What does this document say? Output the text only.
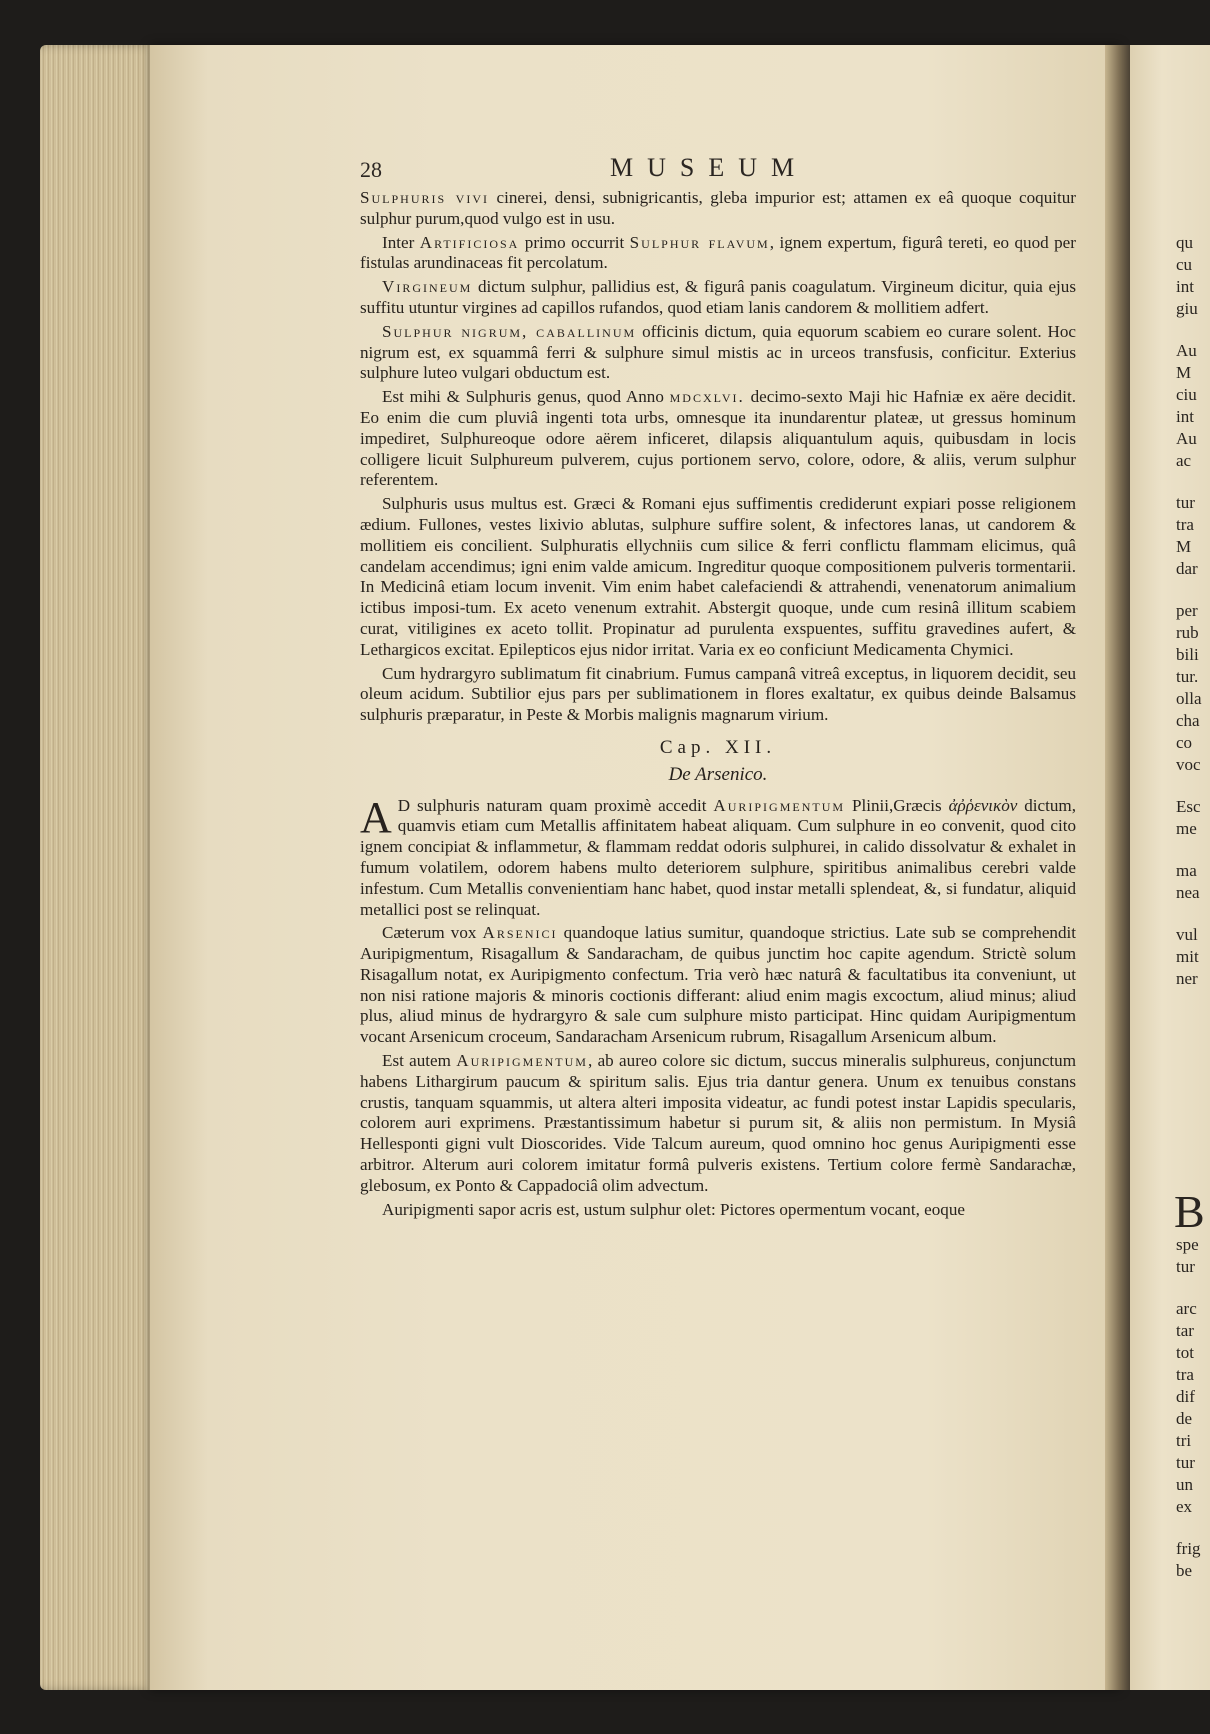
qu
cu
int
giu
Au
M
ciu
int
Au
ac
tur
tra
M
dar
per
rub
bili
tur.
olla
cha
co
voc
Esc
me
ma
nea
vul
mit
ner
spe
tur
arc
tar
tot
tra
dif
de
tri
tur
un
ex
frig
be
B
28	MUSEUM

Sulphuris vivi cinerei, densi, subnigricantis, gleba impurior est; attamen ex eâ quoque coquitur sulphur purum,quod vulgo est in usu.

Inter Artificiosa primo occurrit Sulphur flavum, ignem expertum, figurâ tereti, eo quod per fistulas arundinaceas fit percolatum.

Virgineum dictum sulphur, pallidius est, & figurâ panis coagulatum. Virgineum dicitur, quia ejus suffitu utuntur virgines ad capillos rufandos, quod etiam lanis candorem & mollitiem adfert.

Sulphur nigrum, caballinum officinis dictum, quia equorum scabiem eo curare solent. Hoc nigrum est, ex squammâ ferri & sulphure simul mistis ac in urceos transfusis, conficitur. Exterius sulphure luteo vulgari obductum est.

Est mihi & Sulphuris genus, quod Anno mdcxlvi. decimo-sexto Maji hic Hafniæ ex aëre decidit. Eo enim die cum pluviâ ingenti tota urbs, omnesque ita inundarentur plateæ, ut gressus hominum impediret, Sulphureoque odore aërem inficeret, dilapsis aliquantulum aquis, quibusdam in locis colligere licuit Sulphureum pulverem, cujus portionem servo, colore, odore, & aliis, verum sulphur referentem.

Sulphuris usus multus est. Græci & Romani ejus suffimentis crediderunt expiari posse religionem ædium. Fullones, vestes lixivio ablutas, sulphure suffire solent, & infectores lanas, ut candorem & mollitiem eis concilient. Sulphuratis ellychniis cum silice & ferri conflictu flammam elicimus, quâ candelam accendimus; igni enim valde amicum. Ingreditur quoque compositionem pulveris tormentarii. In Medicinâ etiam locum invenit. Vim enim habet calefaciendi & attrahendi, venenatorum animalium ictibus imposi-tum. Ex aceto venenum extrahit. Abstergit quoque, unde cum resinâ illitum scabiem curat, vitiligines ex aceto tollit. Propinatur ad purulenta exspuentes, suffitu gravedines aufert, & Lethargicos excitat. Epilepticos ejus nidor irritat. Varia ex eo conficiunt Medicamenta Chymici.

Cum hydrargyro sublimatum fit cinabrium. Fumus campanâ vitreâ exceptus, in liquorem decidit, seu oleum acidum. Subtilior ejus pars per sublimationem in flores exaltatur, ex quibus deinde Balsamus sulphuris præparatur, in Peste & Morbis malignis magnarum virium.

Cap. XII.
De Arsenico.

A D sulphuris naturam quam proximè accedit Auripigmentum Plinii,Græcis ἀῤῥενικὸν dictum, quamvis etiam cum Metallis affinitatem habeat aliquam. Cum sulphure in eo convenit, quod cito ignem concipiat & inflammetur, & flammam reddat odoris sulphurei, in calido dissolvatur & exhalet in fumum volatilem, odorem habens multo deteriorem sulphure, spiritibus animalibus cerebri valde infestum. Cum Metallis convenientiam hanc habet, quod instar metalli splendeat, &, si fundatur, aliquid metallici post se relinquat.

Cæterum vox Arsenici quandoque latius sumitur, quandoque strictius. Late sub se comprehendit Auripigmentum, Risagallum & Sandaracham, de quibus junctim hoc capite agendum. Strictè solum Risagallum notat, ex Auripigmento confectum. Tria verò hæc naturâ & facultatibus ita conveniunt, ut non nisi ratione majoris & minoris coctionis differant: aliud enim magis excoctum, aliud minus; aliud plus, aliud minus de hydrargyro & sale cum sulphure misto participat. Hinc quidam Auripigmentum vocant Arsenicum croceum, Sandaracham Arsenicum rubrum, Risagallum Arsenicum album.

Est autem Auripigmentum, ab aureo colore sic dictum, succus mineralis sulphureus, conjunctum habens Lithargirum paucum & spiritum salis. Ejus tria dantur genera. Unum ex tenuibus constans crustis, tanquam squammis, ut altera alteri imposita videatur, ac fundi potest instar Lapidis specularis, colorem auri exprimens. Præstantissimum habetur si purum sit, & aliis non permistum. In Mysiâ Hellesponti gigni vult Dioscorides. Vide Talcum aureum, quod omnino hoc genus Auripigmenti esse arbitror. Alterum auri colorem imitatur formâ pulveris existens. Tertium colore fermè Sandarachæ, glebosum, ex Ponto & Cappadociâ olim advectum.

Auripigmenti sapor acris est, ustum sulphur olet: Pictores opermentum vocant, eoque
